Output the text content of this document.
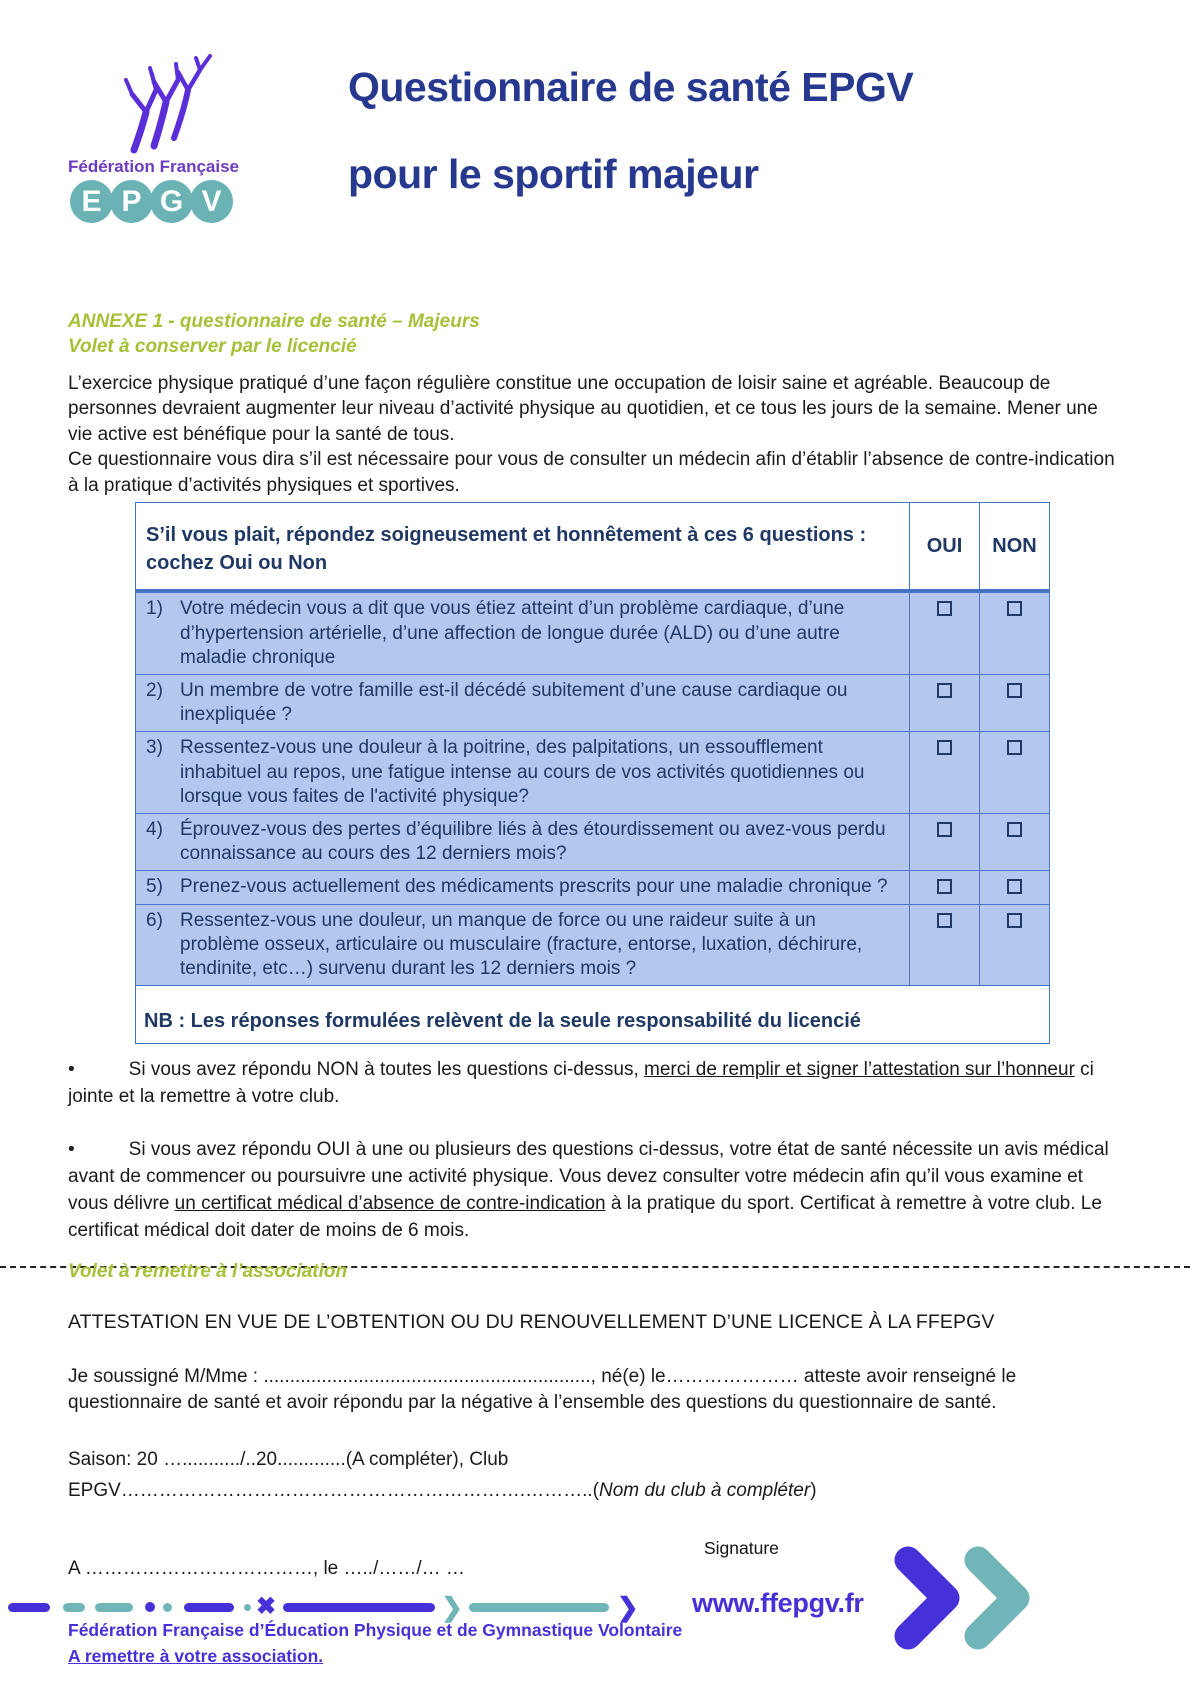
Fédération Française
E P G V
Questionnaire de santé EPGV
pour le sportif majeur
ANNEXE 1 - questionnaire de santé – Majeurs
Volet à conserver par le licencié

L’exercice physique pratiqué d’une façon régulière constitue une occupation de loisir saine et agréable. Beaucoup de personnes devraient augmenter leur niveau d’activité physique au quotidien, et ce tous les jours de la semaine. Mener une vie active est bénéfique pour la santé de tous.

Ce questionnaire vous dira s’il est nécessaire pour vous de consulter un médecin afin d’établir l’absence de contre-indication à la pratique d’activités physiques et sportives.

S’il vous plait, répondez soigneusement et honnêtement à ces 6 questions :
cochez Oui ou Non
OUI	NON
1) Votre médecin vous a dit que vous étiez atteint d’un problème cardiaque, d’une d’hypertension artérielle, d’une affection de longue durée (ALD) ou d’une autre maladie chronique
2) Un membre de votre famille est-il décédé subitement d’une cause cardiaque ou inexpliquée ?
3) Ressentez-vous une douleur à la poitrine, des palpitations, un essoufflement inhabituel au repos, une fatigue intense au cours de vos activités quotidiennes ou lorsque vous faites de l'activité physique?
4) Éprouvez-vous des pertes d’équilibre liés à des étourdissement ou avez-vous perdu connaissance au cours des 12 derniers mois?
5) Prenez-vous actuellement des médicaments prescrits pour une maladie chronique ?
6) Ressentez-vous une douleur, un manque de force ou une raideur suite à un problème osseux, articulaire ou musculaire (fracture, entorse, luxation, déchirure, tendinite, etc…) survenu durant les 12 derniers mois ?
NB : Les réponses formulées relèvent de la seule responsabilité du licencié

•	Si vous avez répondu NON à toutes les questions ci-dessus, merci de remplir et signer l’attestation sur l’honneur ci jointe et la remettre à votre club.

•	Si vous avez répondu OUI à une ou plusieurs des questions ci-dessus, votre état de santé nécessite un avis médical avant de commencer ou poursuivre une activité physique. Vous devez consulter votre médecin afin qu’il vous examine et vous délivre un certificat médical d’absence de contre-indication à la pratique du sport. Certificat à remettre à votre club. Le certificat médical doit dater de moins de 6 mois.

Volet à remettre à l’association
ATTESTATION EN VUE DE L’OBTENTION OU DU RENOUVELLEMENT D’UNE LICENCE À LA FFEPGV

Je soussigné M/Mme : .............................................................., né(e) le………………… atteste avoir renseigné le questionnaire de santé et avoir répondu par la négative à l’ensemble des questions du questionnaire de santé.

Saison: 20 ….........../..20.............(A compléter), Club
EPGV……………………………………………………….………..(Nom du club à compléter)
A ………………………………, le …../……/… …
Signature
✖	❯	❯ www.ffepgv.fr
Fédération Française d’Éducation Physique et de Gymnastique Volontaire
A remettre à votre association.
